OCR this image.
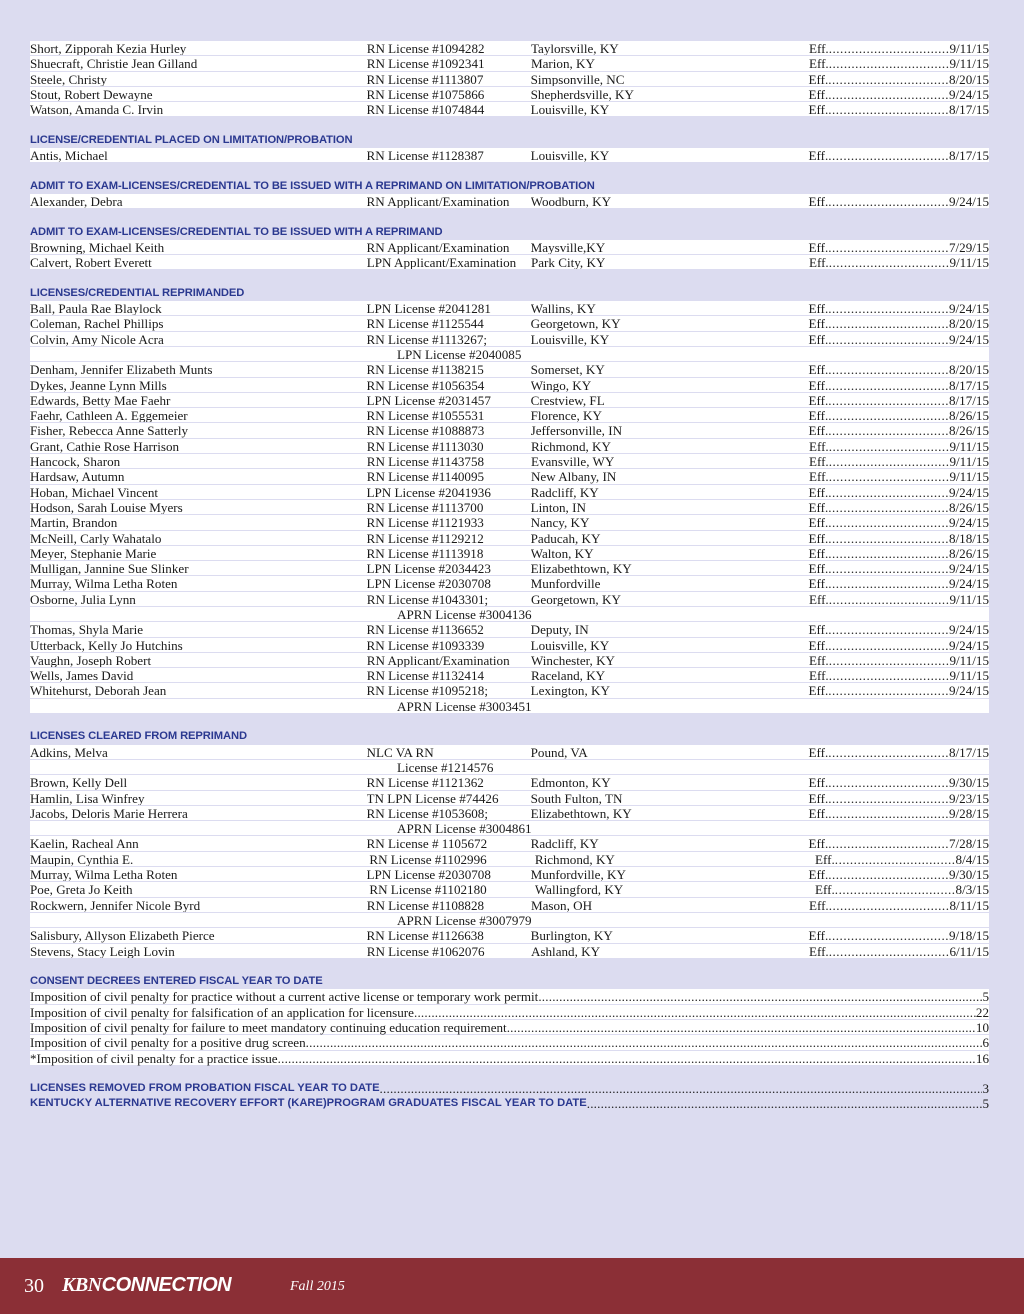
Short, Zipporah Kezia Hurley	RN License #1094282	Taylorsville, KY	Eff. .....	9/11/15
Shuecraft, Christie Jean Gilland	RN License #1092341	Marion, KY	Eff. .....	9/11/15
Steele, Christy	RN License #1113807	Simpsonville, NC	Eff. .....	8/20/15
Stout, Robert Dewayne	RN License #1075866	Shepherdsville, KY	Eff. .....	9/24/15
Watson, Amanda C. Irvin	RN License #1074844	Louisville, KY	Eff. .....	8/17/15
LICENSE/CREDENTIAL PLACED ON LIMITATION/PROBATION
Antis, Michael	RN License #1128387	Louisville, KY	Eff. .....	8/17/15
ADMIT TO EXAM-LICENSES/CREDENTIAL TO BE ISSUED WITH A REPRIMAND ON LIMITATION/PROBATION
Alexander, Debra	RN Applicant/Examination	Woodburn, KY	Eff. .....	9/24/15
ADMIT TO EXAM-LICENSES/CREDENTIAL TO BE ISSUED WITH A REPRIMAND
Browning, Michael Keith	RN Applicant/Examination	Maysville,KY	Eff. .....	7/29/15
Calvert, Robert Everett	LPN Applicant/Examination	Park City, KY	Eff. .....	9/11/15
LICENSES/CREDENTIAL REPRIMANDED
Ball, Paula Rae Blaylock	LPN License #2041281	Wallins, KY	Eff. .....	9/24/15
Coleman, Rachel Phillips	RN License #1125544	Georgetown, KY	Eff. .....	8/20/15
Colvin, Amy Nicole Acra	RN License #1113267;	Louisville, KY	Eff. .....	9/24/15
LPN License #2040085
Denham, Jennifer Elizabeth Munts	RN License #1138215	Somerset, KY	Eff. .....	8/20/15
Dykes, Jeanne Lynn Mills	RN License #1056354	Wingo, KY	Eff. .....	8/17/15
Edwards, Betty Mae Faehr	LPN License #2031457	Crestview, FL	Eff. .....	8/17/15
Faehr, Cathleen A. Eggemeier	RN License #1055531	Florence, KY	Eff. .....	8/26/15
Fisher, Rebecca Anne Satterly	RN License #1088873	Jeffersonville, IN	Eff. .....	8/26/15
Grant, Cathie Rose Harrison	RN License #1113030	Richmond, KY	Eff. .....	9/11/15
Hancock, Sharon	RN License #1143758	Evansville, WY	Eff. .....	9/11/15
Hardsaw, Autumn	RN License #1140095	New Albany, IN	Eff. .....	9/11/15
Hoban, Michael Vincent	LPN License #2041936	Radcliff, KY	Eff. .....	9/24/15
Hodson, Sarah Louise Myers	RN License #1113700	Linton, IN	Eff. .....	8/26/15
Martin, Brandon	RN License #1121933	Nancy, KY	Eff. .....	9/24/15
McNeill, Carly Wahatalo	RN License #1129212	Paducah, KY	Eff. .....	8/18/15
Meyer, Stephanie Marie	RN License #1113918	Walton, KY	Eff. .....	8/26/15
Mulligan, Jannine Sue Slinker	LPN License #2034423	Elizabethtown, KY	Eff. .....	9/24/15
Murray, Wilma Letha Roten	LPN License #2030708	Munfordville	Eff. .....	9/24/15
Osborne, Julia Lynn	RN License #1043301;	Georgetown, KY	Eff. .....	9/11/15
APRN License #3004136
Thomas, Shyla Marie	RN License #1136652	Deputy, IN	Eff. .....	9/24/15
Utterback, Kelly Jo Hutchins	RN License #1093339	Louisville, KY	Eff. .....	9/24/15
Vaughn, Joseph Robert	RN Applicant/Examination	Winchester, KY	Eff. .....	9/11/15
Wells, James David	RN License #1132414	Raceland, KY	Eff. .....	9/11/15
Whitehurst, Deborah Jean	RN License #1095218;	Lexington, KY	Eff. .....	9/24/15
APRN License #3003451
LICENSES CLEARED FROM REPRIMAND
Adkins, Melva	NLC VA RN	Pound, VA	Eff. .....	8/17/15
License #1214576
Brown, Kelly Dell	RN License #1121362	Edmonton, KY	Eff. .....	9/30/15
Hamlin, Lisa Winfrey	TN LPN License #74426	South Fulton, TN	Eff. .....	9/23/15
Jacobs, Deloris Marie Herrera	RN License #1053608;	Elizabethtown, KY	Eff. .....	9/28/15
APRN License #3004861
Kaelin, Racheal Ann	RN License # 1105672	Radcliff, KY	Eff. .....	7/28/15
Maupin, Cynthia E.	RN License #1102996	Richmond, KY	Eff. .....	8/4/15
Murray, Wilma Letha Roten	LPN License #2030708	Munfordville, KY	Eff. .....	9/30/15
Poe, Greta Jo Keith	RN License #1102180	Wallingford, KY	Eff. .....	8/3/15
Rockwern, Jennifer Nicole Byrd	RN License #1108828	Mason, OH	Eff. .....	8/11/15
APRN License #3007979
Salisbury, Allyson Elizabeth Pierce	RN License #1126638	Burlington, KY	Eff. .....	9/18/15
Stevens, Stacy Leigh Lovin	RN License #1062076	Ashland, KY	Eff. .....	6/11/15
CONSENT DECREES ENTERED FISCAL YEAR TO DATE
Imposition of civil penalty for practice without a current active license or temporary work permit .....	5
Imposition of civil penalty for falsification of an application for licensure .....	22
Imposition of civil penalty for failure to meet mandatory continuing education requirement .....	10
Imposition of civil penalty for a positive drug screen .....	6
*Imposition of civil penalty for a practice issue .....	16
LICENSES REMOVED FROM PROBATION FISCAL YEAR TO DATE .....	3
KENTUCKY ALTERNATIVE RECOVERY EFFORT (KARE)PROGRAM GRADUATES FISCAL YEAR TO DATE .....	5
30 KBNCONNECTION	Fall 2015
